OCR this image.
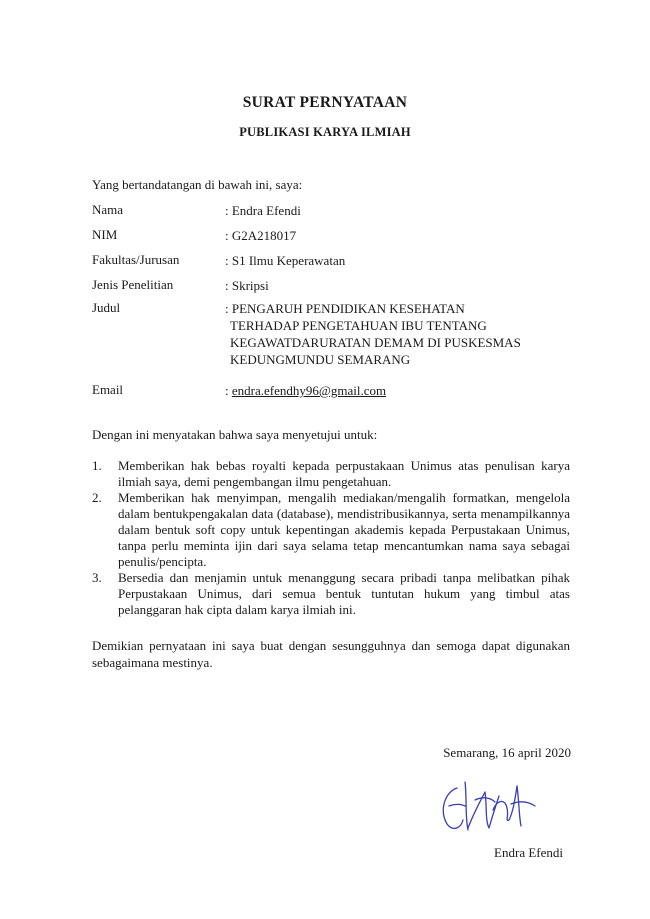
SURAT PERNYATAAN
PUBLIKASI KARYA ILMIAH
Yang bertandatangan di bawah ini, saya:
Nama	: Endra Efendi
NIM	: G2A218017
Fakultas/Jurusan	: S1 Ilmu Keperawatan
Jenis Penelitian	: Skripsi
Judul	: PENGARUH PENDIDIKAN KESEHATAN
TERHADAP PENGETAHUAN IBU TENTANG
KEGAWATDARURATAN DEMAM DI PUSKESMAS
KEDUNGMUNDU SEMARANG
Email	: endra.efendhy96@gmail.com
Dengan ini menyatakan bahwa saya menyetujui untuk:
1. Memberikan hak bebas royalti kepada perpustakaan Unimus atas penulisan karya ilmiah saya, demi pengembangan ilmu pengetahuan.
2. Memberikan hak menyimpan, mengalih mediakan/mengalih formatkan, mengelola dalam bentukpengakalan data (database), mendistribusikannya, serta menampilkannya dalam bentuk soft copy untuk kepentingan akademis kepada Perpustakaan Unimus, tanpa perlu meminta ijin dari saya selama tetap mencantumkan nama saya sebagai penulis/pencipta.
3. Bersedia dan menjamin untuk menanggung secara pribadi tanpa melibatkan pihak Perpustakaan Unimus, dari semua bentuk tuntutan hukum yang timbul atas pelanggaran hak cipta dalam karya ilmiah ini.
Demikian pernyataan ini saya buat dengan sesungguhnya dan semoga dapat digunakan sebagaimana mestinya.
Semarang, 16 april 2020
Endra Efendi
